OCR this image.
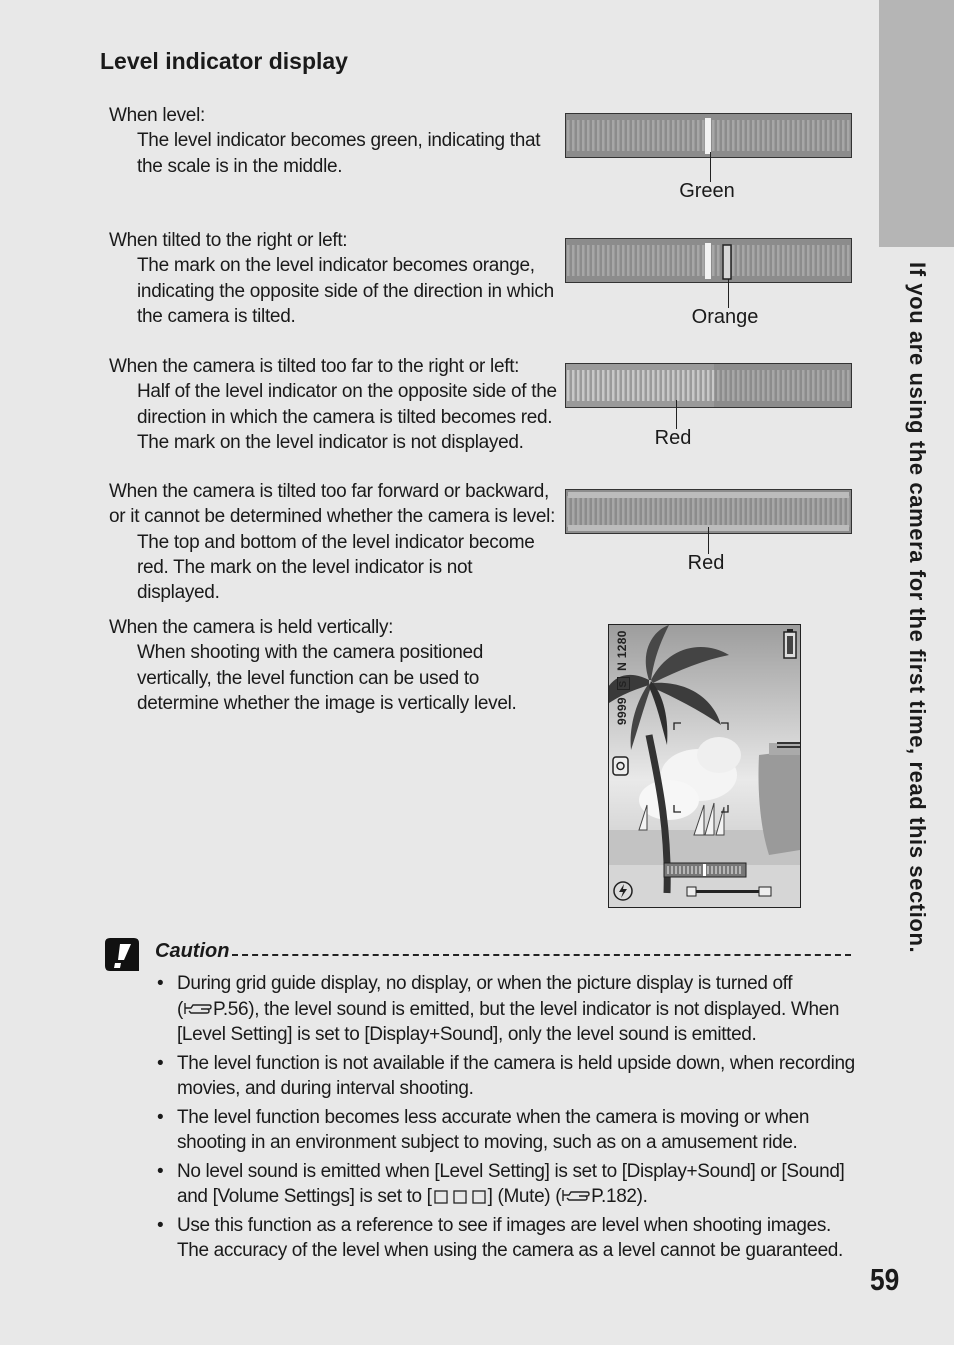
If you are using the camera for the first time, read this section.
Level indicator display
When level:
The level indicator becomes green, indicating that
the scale is in the middle.
When tilted to the right or left:
The mark on the level indicator becomes orange,
indicating the opposite side of the direction in which
the camera is tilted.
When the camera is tilted too far to the right or left:
Half of the level indicator on the opposite side of the
direction in which the camera is tilted becomes red.
The mark on the level indicator is not displayed.
When the camera is tilted too far forward or backward,
or it cannot be determined whether the camera is level:
The top and bottom of the level indicator become
red. The mark on the level indicator is not
displayed.
When the camera is held vertically:
When shooting with the camera positioned
vertically, the level function can be used to
determine whether the image is vertically level.
Green
Orange
Red
Red
9999 S N 1280
Caution
• During grid guide display, no display, or when the picture display is turned off
( P.56), the level sound is emitted, but the level indicator is not displayed. When
[Level Setting] is set to [Display+Sound], only the level sound is emitted.
• The level function is not available if the camera is held upside down, when recording
movies, and during interval shooting.
• The level function becomes less accurate when the camera is moving or when
shooting in an environment subject to moving, such as on a amusement ride.
• No level sound is emitted when [Level Setting] is set to [Display+Sound] or [Sound]
and [Volume Settings] is set to [	] (Mute) ( P.182).
• Use this function as a reference to see if images are level when shooting images.
The accuracy of the level when using the camera as a level cannot be guaranteed.
59
